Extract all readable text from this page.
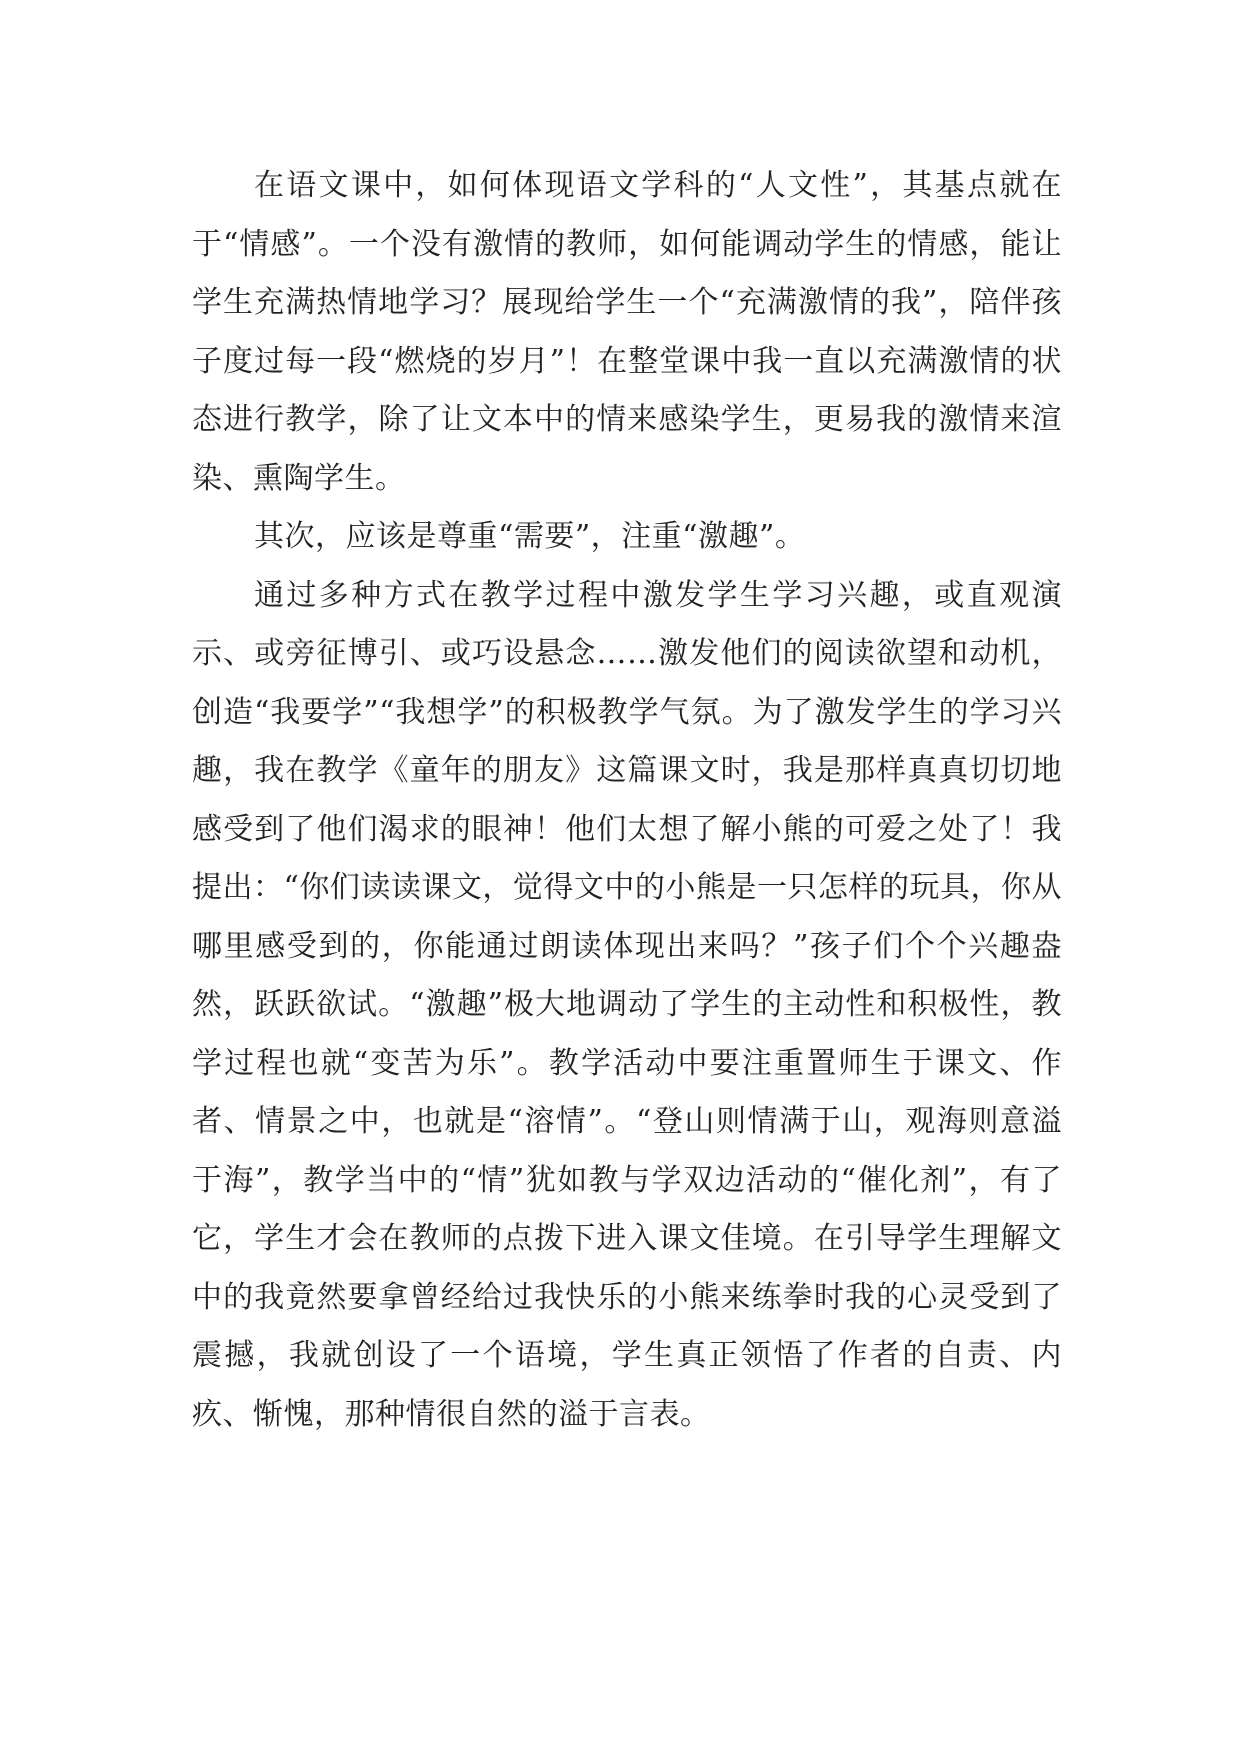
在语文课中，如何体现语文学科的“人文性”，其基点就在于“情感”。一个没有激情的教师，如何能调动学生的情感，能让学生充满热情地学习？展现给学生一个“充满激情的我”，陪伴孩子度过每一段“燃烧的岁月”！在整堂课中我一直以充满激情的状态进行教学，除了让文本中的情来感染学生，更易我的激情来渲染、熏陶学生。

其次，应该是尊重“需要”，注重“激趣”。

通过多种方式在教学过程中激发学生学习兴趣，或直观演示、或旁征博引、或巧设悬念……激发他们的阅读欲望和动机，创造“我要学”“我想学”的积极教学气氛。为了激发学生的学习兴趣，我在教学《童年的朋友》这篇课文时，我是那样真真切切地感受到了他们渴求的眼神！他们太想了解小熊的可爱之处了！我提出：“你们读读课文，觉得文中的小熊是一只怎样的玩具，你从哪里感受到的，你能通过朗读体现出来吗？”孩子们个个兴趣盎然，跃跃欲试。“激趣”极大地调动了学生的主动性和积极性，教学过程也就“变苦为乐”。教学活动中要注重置师生于课文、作者、情景之中，也就是“溶情”。“登山则情满于山，观海则意溢于海”，教学当中的“情”犹如教与学双边活动的“催化剂”，有了它，学生才会在教师的点拨下进入课文佳境。在引导学生理解文中的我竟然要拿曾经给过我快乐的小熊来练拳时我的心灵受到了震撼，我就创设了一个语境，学生真正领悟了作者的自责、内疚、惭愧，那种情很自然的溢于言表。
